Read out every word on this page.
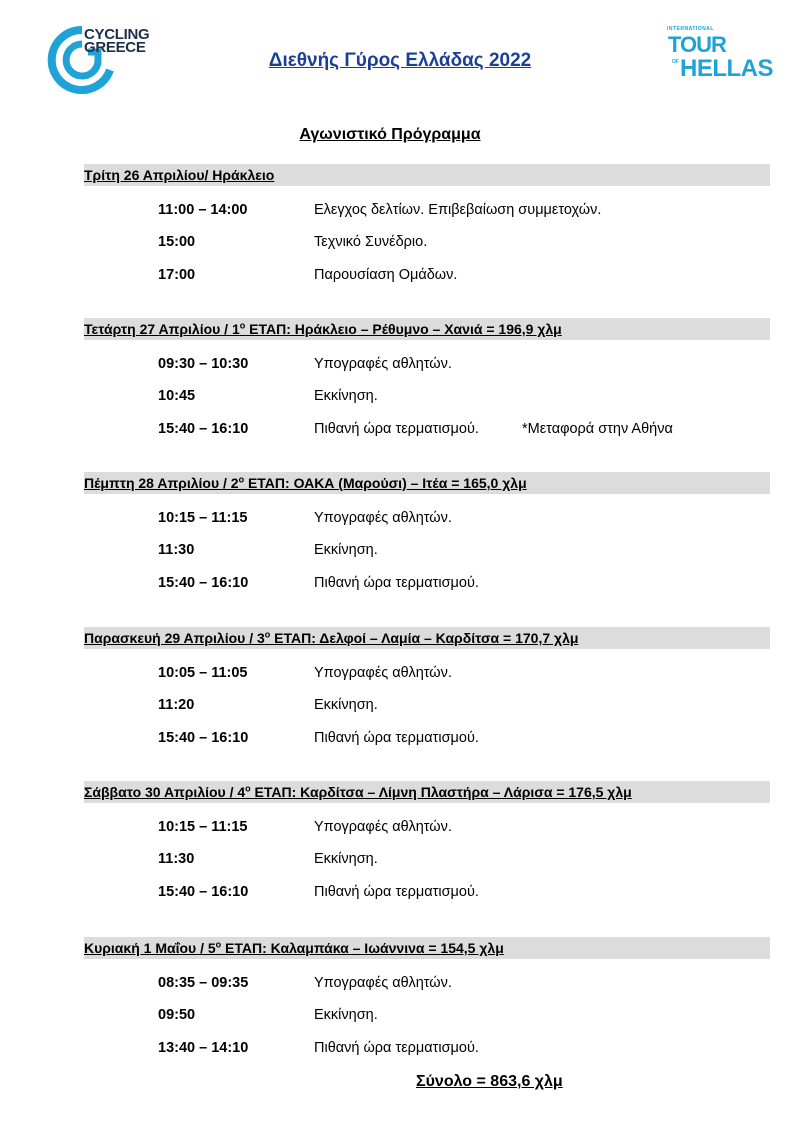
CYCLING
GREECE
Διεθνής Γύρος Ελλάδας 2022
INTERNATIONAL
TOUR
OF HELLAS
Αγωνιστικό Πρόγραμμα
Τρίτη 26 Απριλίου/ Ηράκλειο
11:00 – 14:00	Ελεγχος δελτίων. Επιβεβαίωση συμμετοχών.
15:00	Τεχνικό Συνέδριο.
17:00	Παρουσίαση Ομάδων.
Τετάρτη 27 Απριλίου / $1^o$ ΕΤΑΠ: Ηράκλειο – Ρέθυμνο – Χανιά = 196,9 χλμ
09:30 – 10:30	Υπογραφές αθλητών.
10:45	Εκκίνηση.
15:40 – 16:10	Πιθανή ώρα τερματισμού.	*Μεταφορά στην Αθήνα
Πέμπτη 28 Απριλίου / $2^o$ ΕΤΑΠ: ΟΑΚΑ (Μαρούσι) – Ιτέα = 165,0 χλμ
10:15 – 11:15	Υπογραφές αθλητών.
11:30	Εκκίνηση.
15:40 – 16:10	Πιθανή ώρα τερματισμού.
Παρασκευή 29 Απριλίου / $3^o$ ΕΤΑΠ: Δελφοί – Λαμία – Καρδίτσα = 170,7 χλμ
10:05 – 11:05	Υπογραφές αθλητών.
11:20	Εκκίνηση.
15:40 – 16:10	Πιθανή ώρα τερματισμού.
Σάββατο 30 Απριλίου / $4^o$ ΕΤΑΠ: Καρδίτσα – Λίμνη Πλαστήρα – Λάρισα = 176,5 χλμ
10:15 – 11:15	Υπογραφές αθλητών.
11:30	Εκκίνηση.
15:40 – 16:10	Πιθανή ώρα τερματισμού.
Κυριακή 1 Μαΐου / $5^o$ ΕΤΑΠ: Καλαμπάκα – Ιωάννινα = 154,5 χλμ
08:35 – 09:35	Υπογραφές αθλητών.
09:50	Εκκίνηση.
13:40 – 14:10	Πιθανή ώρα τερματισμού.
Σύνολο = 863,6 χλμ
